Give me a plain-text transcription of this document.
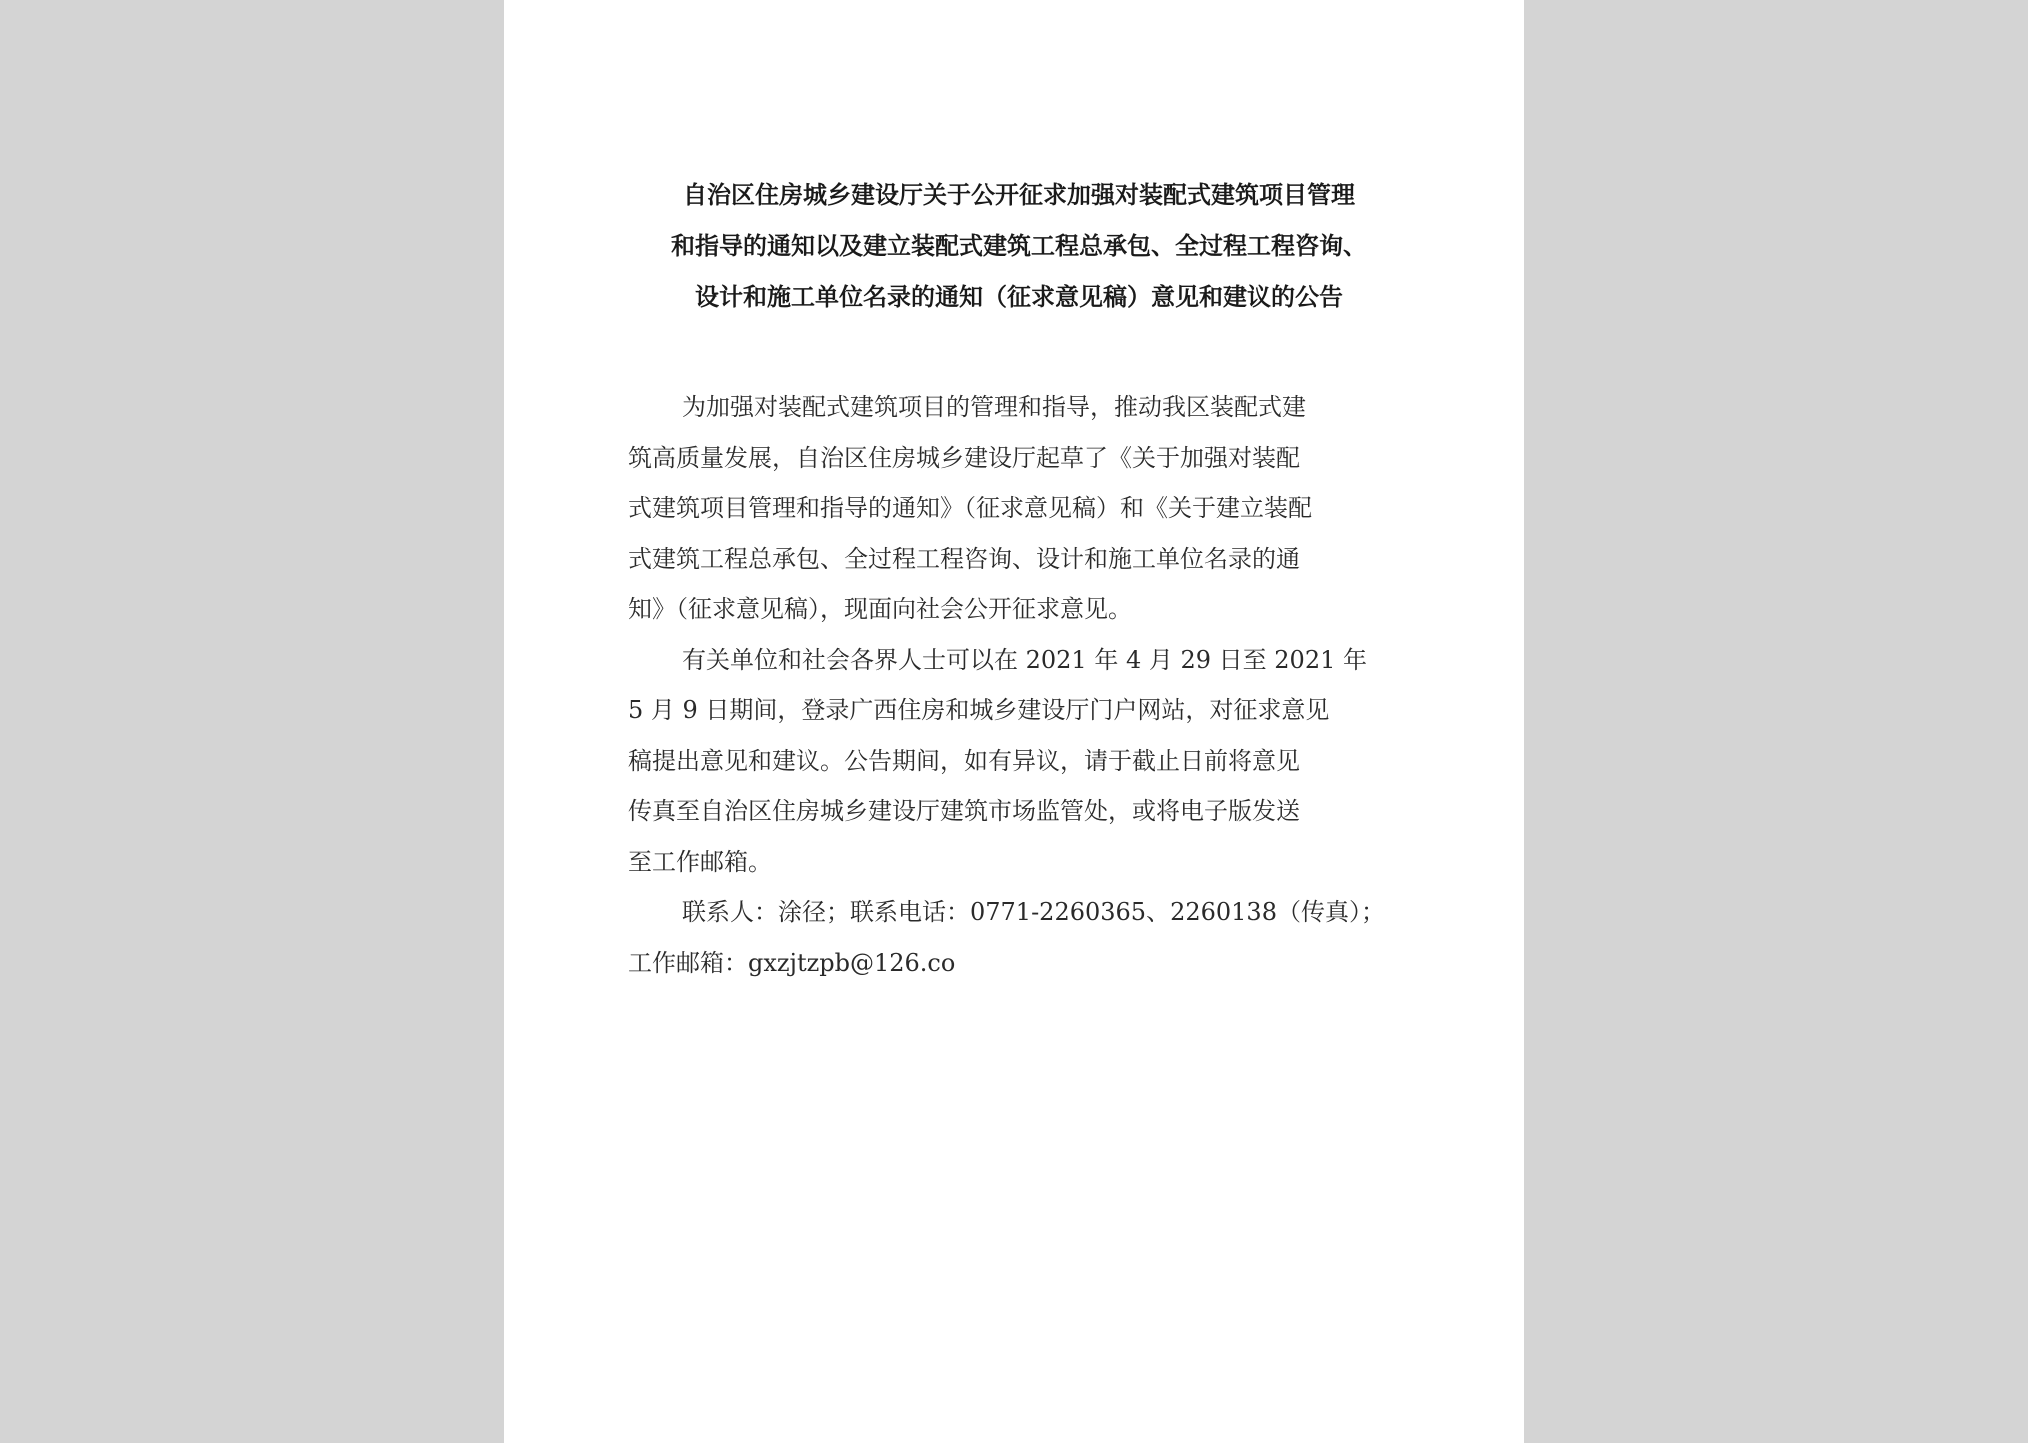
自治区住房城乡建设厅关于公开征求加强对装配式建筑项目管理
和指导的通知以及建立装配式建筑工程总承包、全过程工程咨询、
设计和施工单位名录的通知（征求意见稿）意见和建议的公告
为加强对装配式建筑项目的管理和指导，推动我区装配式建
筑高质量发展，自治区住房城乡建设厅起草了《关于加强对装配
式建筑项目管理和指导的通知》（征求意见稿）和《关于建立装配
式建筑工程总承包、全过程工程咨询、设计和施工单位名录的通
知》（征求意见稿），现面向社会公开征求意见。
有关单位和社会各界人士可以在 2021 年 4 月 29 日至 2021 年
5 月 9 日期间，登录广西住房和城乡建设厅门户网站，对征求意见
稿提出意见和建议。公告期间，如有异议，请于截止日前将意见
传真至自治区住房城乡建设厅建筑市场监管处，或将电子版发送
至工作邮箱。
联系人：涂径；联系电话：0771-2260365、2260138（传真）；
工作邮箱：gxzjtzpb@126.co
